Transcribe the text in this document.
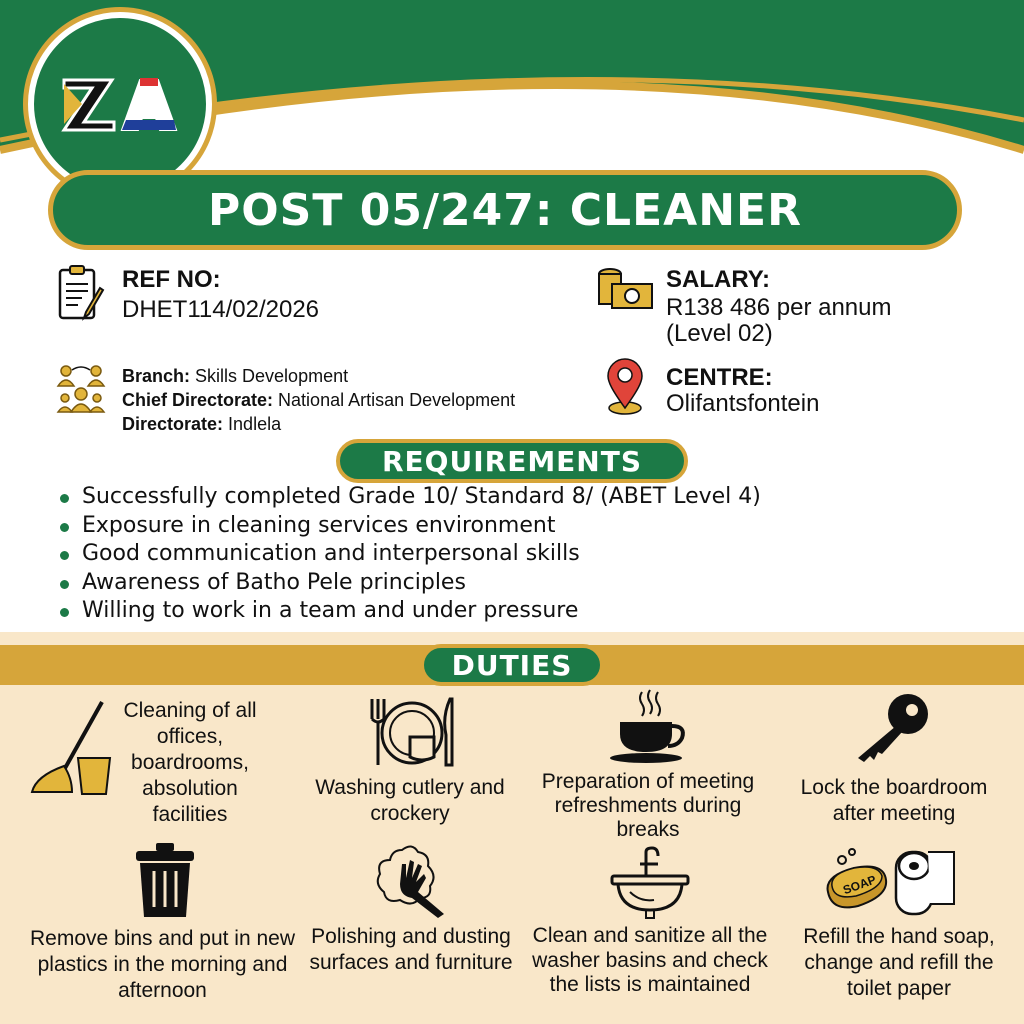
POST 05/247: CLEANER
REF NO:
DHET114/02/2026
SALARY:
R138 486 per annum
(Level 02)
Branch: Skills Development
Chief Directorate: National Artisan Development
Directorate: Indlela
CENTRE:
Olifantsfontein
REQUIREMENTS
Successfully completed Grade 10/ Standard 8/ (ABET Level 4)
Exposure in cleaning services environment
Good communication and interpersonal skills
Awareness of Batho Pele principles
Willing to work in a team and under pressure
DUTIES
Cleaning of all offices, boardrooms, absolution facilities
Washing cutlery and crockery
Preparation of meeting refreshments during breaks
Lock the boardroom after meeting
Remove bins and put in new plastics in the morning and afternoon
Polishing and dusting surfaces and furniture
Clean and sanitize all the washer basins and check the lists is maintained
SOAP
Refill the hand soap, change and refill the toilet paper
